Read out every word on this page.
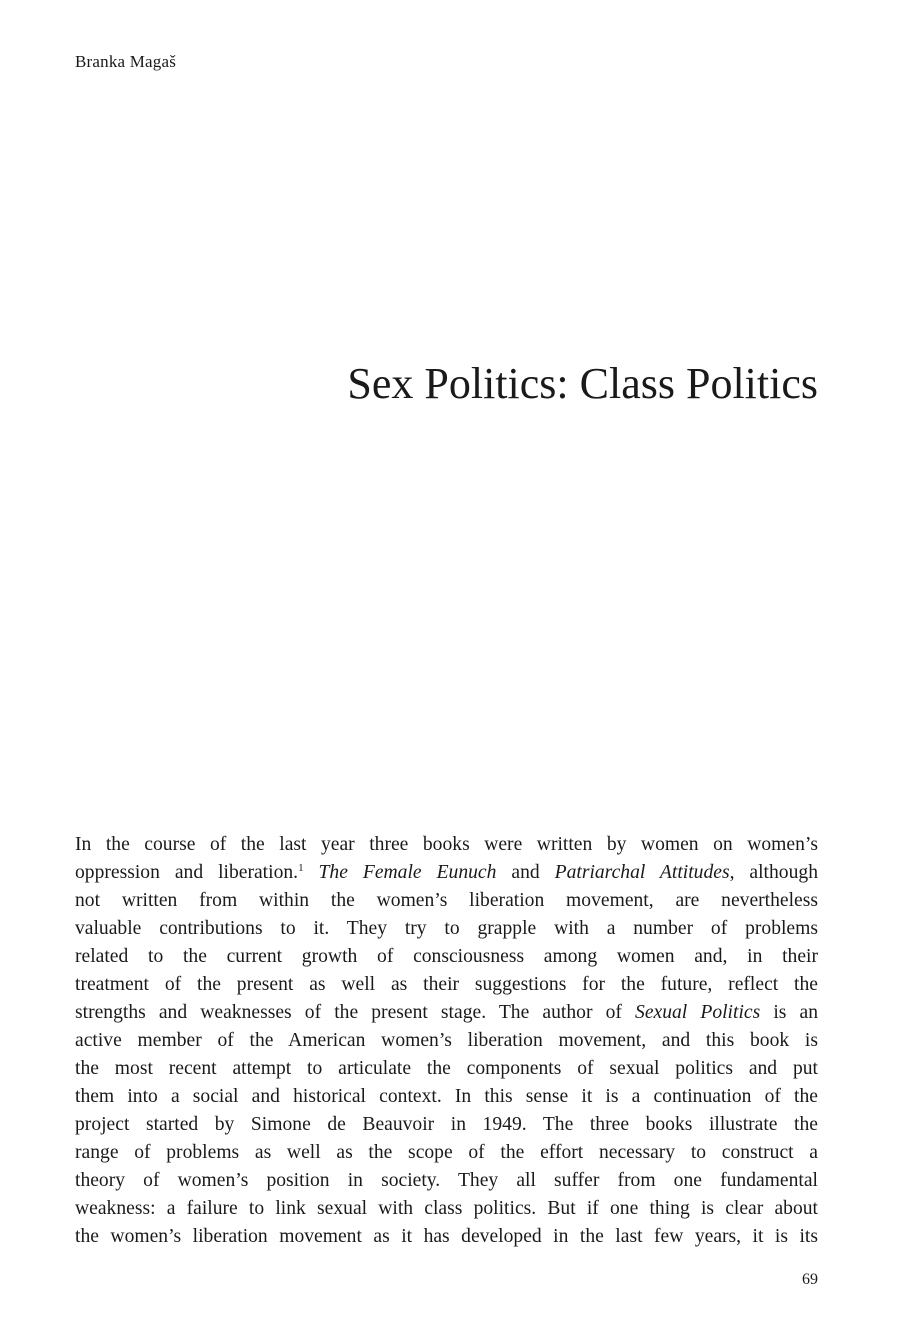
Branka Magaš
Sex Politics: Class Politics
In the course of the last year three books were written by women on women’s
oppression and liberation.$^1$ The Female Eunuch and Patriarchal Attitudes, although
not written from within the women’s liberation movement, are nevertheless
valuable contributions to it. They try to grapple with a number of problems
related to the current growth of consciousness among women and, in their
treatment of the present as well as their suggestions for the future, reflect the
strengths and weaknesses of the present stage. The author of Sexual Politics is an
active member of the American women’s liberation movement, and this book is
the most recent attempt to articulate the components of sexual politics and put
them into a social and historical context. In this sense it is a continuation of the
project started by Simone de Beauvoir in 1949. The three books illustrate the
range of problems as well as the scope of the effort necessary to construct a
theory of women’s position in society. They all suffer from one fundamental
weakness: a failure to link sexual with class politics. But if one thing is clear about
the women’s liberation movement as it has developed in the last few years, it is its
69
